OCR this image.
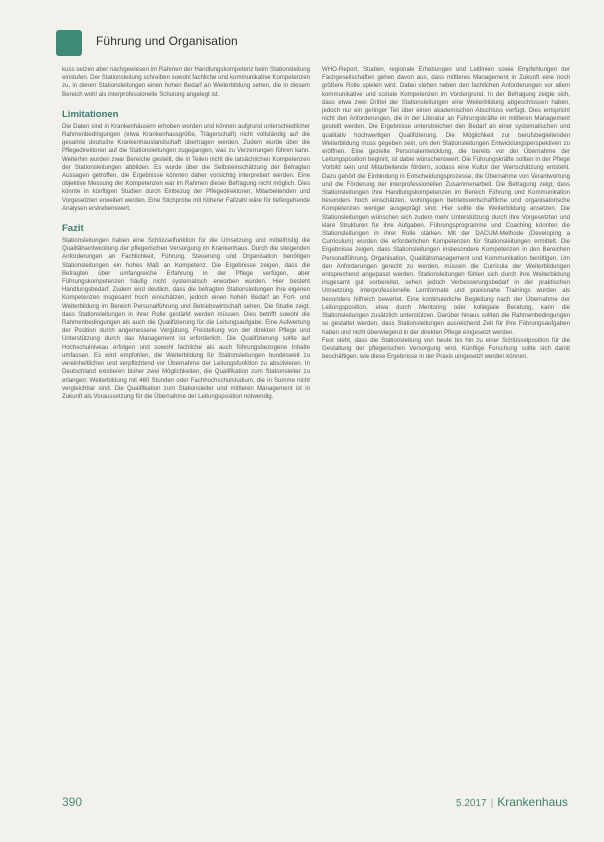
Führung und Organisation

kuss setzen aber nachgewiesen im Rahmen der Handlungskompetenz beim Stationsleitung einstufen. Der Stationsleitung schreiben sowohl fachliche und kommunikative Kompetenzen zu, in denen Stationsleitungen einen hohen Bedarf an Weiterbildung sehen, die in diesem Bereich wohl als interprofessionelle Schulung angelegt ist.

Limitationen

Die Daten sind in Krankenhäusern erhoben worden und können aufgrund unterschiedlicher Rahmenbedingungen (etwa Krankenhausgröße, Trägerschaft) nicht vollständig auf die gesamte deutsche Krankenhauslandschaft übertragen werden. Zudem wurde über die Pflegedirektoren auf die Stationsleitungen zugegangen, was zu Verzerrungen führen kann. Weiterhin wurden zwar Bereiche gestellt, die in Teilen nicht die tatsächlichen Kompetenzen der Stationsleitungen abbilden. Es wurde über die Selbsteinschätzung der Befragten Aussagen getroffen, die Ergebnisse könnten daher vorsichtig interpretiert werden. Eine objektive Messung der Kompetenzen war im Rahmen dieser Befragung nicht möglich. Dies könnte in künftigen Studien durch Einbezug der Pflegedirektoren, Mitarbeitenden und Vorgesetzten erweitert werden. Eine Stichprobe mit höherer Fallzahl wäre für tiefergehende Analysen erstrebenswert.

Fazit

Stationsleitungen haben eine Schlüsselfunktion für die Umsetzung und mittelfristig die Qualitätsentwicklung der pflegerischen Versorgung im Krankenhaus. Durch die steigenden Anforderungen an Fachlichkeit, Führung, Steuerung und Organisation benötigen Stationsleitungen ein hohes Maß an Kompetenz. Die Ergebnisse zeigen, dass die Befragten über umfangreiche Erfahrung in der Pflege verfügen, aber Führungskompetenzen häufig nicht systematisch erworben wurden. Hier besteht Handlungsbedarf. Zudem wird deutlich, dass die befragten Stationsleitungen ihre eigenen Kompetenzen insgesamt hoch einschätzen, jedoch einen hohen Bedarf an Fort- und Weiterbildung im Bereich Personalführung und Betriebswirtschaft sehen. Die Studie zeigt, dass Stationsleitungen in ihrer Rolle gestärkt werden müssen. Dies betrifft sowohl die Rahmenbedingungen als auch die Qualifizierung für die Leitungsaufgabe. Eine Aufwertung der Position durch angemessene Vergütung, Freistellung von der direkten Pflege und Unterstützung durch das Management ist erforderlich. Die Qualifizierung sollte auf Hochschulniveau erfolgen und sowohl fachliche als auch führungsbezogene Inhalte umfassen. Es wird empfohlen, die Weiterbildung für Stationsleitungen bundesweit zu vereinheitlichen und verpflichtend vor Übernahme der Leitungsfunktion zu absolvieren. In Deutschland existieren bisher zwei Möglichkeiten, die Qualifikation zum Stationsleiter zu erlangen: Weiterbildung mit 460 Stunden oder Fachhochschulstudium, die in Summe nicht vergleichbar sind. Die Qualifikation zum Stationsleiter und mittleren Management ist in Zukunft als Voraussetzung für die Übernahme der Leitungsposition notwendig.

WHO-Report, Studien, regionale Erhebungen und Leitlinien sowie Empfehlungen der Fachgesellschaften gehen davon aus, dass mittleres Management in Zukunft eine noch größere Rolle spielen wird. Dabei stehen neben den fachlichen Anforderungen vor allem kommunikative und soziale Kompetenzen im Vordergrund. In der Befragung zeigte sich, dass etwa zwei Drittel der Stationsleitungen eine Weiterbildung abgeschlossen haben, jedoch nur ein geringer Teil über einen akademischen Abschluss verfügt. Dies entspricht nicht den Anforderungen, die in der Literatur an Führungskräfte im mittleren Management gestellt werden. Die Ergebnisse unterstreichen den Bedarf an einer systematischen und qualitativ hochwertigen Qualifizierung. Die Möglichkeit zur berufsbegleitenden Weiterbildung muss gegeben sein, um den Stationsleitungen Entwicklungsperspektiven zu eröffnen. Eine gezielte Personalentwicklung, die bereits vor der Übernahme der Leitungsposition beginnt, ist dabei wünschenswert. Die Führungskräfte sollten in der Pflege Vorbild sein und Mitarbeitende fördern, sodass eine Kultur der Wertschätzung entsteht. Dazu gehört die Einbindung in Entscheidungsprozesse, die Übernahme von Verantwortung und die Förderung der interprofessionellen Zusammenarbeit. Die Befragung zeigt, dass Stationsleitungen ihre Handlungskompetenzen im Bereich Führung und Kommunikation besonders hoch einschätzen, wohingegen betriebswirtschaftliche und organisatorische Kompetenzen weniger ausgeprägt sind. Hier sollte die Weiterbildung ansetzen. Die Stationsleitungen wünschen sich zudem mehr Unterstützung durch ihre Vorgesetzten und klare Strukturen für ihre Aufgaben. Führungsprogramme und Coaching könnten die Stationsleitungen in ihrer Rolle stärken. Mit der DACUM-Methode (Developing a Curriculum) wurden die erforderlichen Kompetenzen für Stationsleitungen ermittelt. Die Ergebnisse zeigen, dass Stationsleitungen insbesondere Kompetenzen in den Bereichen Personalführung, Organisation, Qualitätsmanagement und Kommunikation benötigen. Um den Anforderungen gerecht zu werden, müssen die Curricula der Weiterbildungen entsprechend angepasst werden. Stationsleitungen fühlen sich durch ihre Weiterbildung insgesamt gut vorbereitet, sehen jedoch Verbesserungsbedarf in der praktischen Umsetzung. Interprofessionelle Lernformate und praxisnahe Trainings wurden als besonders hilfreich bewertet. Eine kontinuierliche Begleitung nach der Übernahme der Leitungsposition, etwa durch Mentoring oder kollegiale Beratung, kann die Stationsleitungen zusätzlich unterstützen. Darüber hinaus sollten die Rahmenbedingungen so gestaltet werden, dass Stationsleitungen ausreichend Zeit für ihre Führungsaufgaben haben und nicht überwiegend in der direkten Pflege eingesetzt werden.

Fest steht, dass die Stationsleitung von heute bis hin zu einer Schlüsselposition für die Gestaltung der pflegerischen Versorgung wird. Künftige Forschung sollte sich damit beschäftigen, wie diese Ergebnisse in der Praxis umgesetzt werden können.

390	5.2017 | Krankenhaus
